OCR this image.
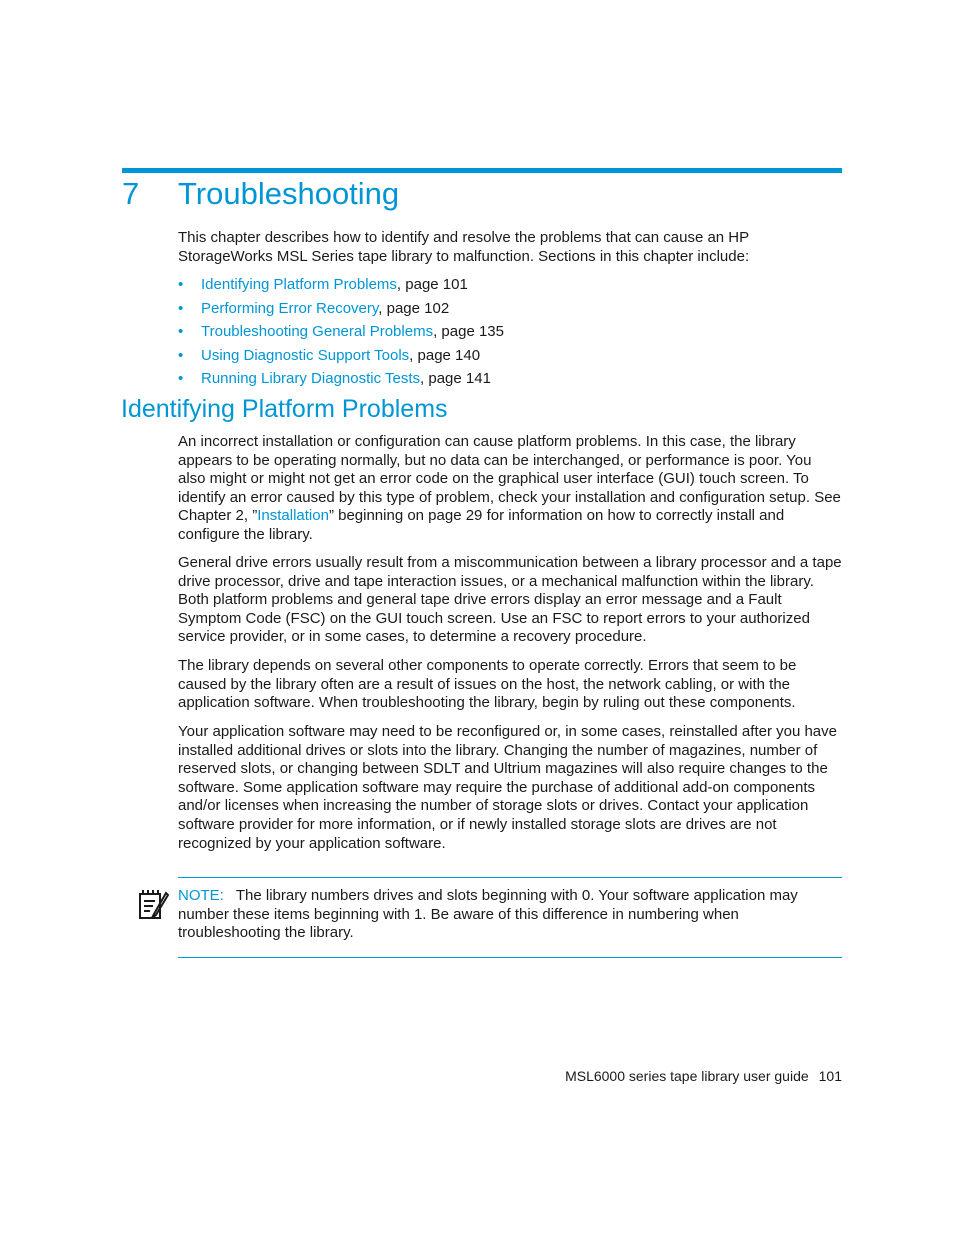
7 Troubleshooting

This chapter describes how to identify and resolve the problems that can cause an HP StorageWorks MSL Series tape library to malfunction. Sections in this chapter include:

• Identifying Platform Problems, page 101
• Performing Error Recovery, page 102
• Troubleshooting General Problems, page 135
• Using Diagnostic Support Tools, page 140
• Running Library Diagnostic Tests, page 141
Identifying Platform Problems

An incorrect installation or configuration can cause platform problems. In this case, the library appears to be operating normally, but no data can be interchanged, or performance is poor. You also might or might not get an error code on the graphical user interface (GUI) touch screen. To identify an error caused by this type of problem, check your installation and configuration setup. See Chapter 2, ”Installation” beginning on page 29 for information on how to correctly install and configure the library.

General drive errors usually result from a miscommunication between a library processor and a tape drive processor, drive and tape interaction issues, or a mechanical malfunction within the library. Both platform problems and general tape drive errors display an error message and a Fault Symptom Code (FSC) on the GUI touch screen. Use an FSC to report errors to your authorized service provider, or in some cases, to determine a recovery procedure.

The library depends on several other components to operate correctly. Errors that seem to be caused by the library often are a result of issues on the host, the network cabling, or with the application software. When troubleshooting the library, begin by ruling out these components.

Your application software may need to be reconfigured or, in some cases, reinstalled after you have installed additional drives or slots into the library. Changing the number of magazines, number of reserved slots, or changing between SDLT and Ultrium magazines will also require changes to the software. Some application software may require the purchase of additional add-on components and/or licenses when increasing the number of storage slots or drives. Contact your application software provider for more information, or if newly installed storage slots are drives are not recognized by your application software.

NOTE: The library numbers drives and slots beginning with 0. Your software application may number these items beginning with 1. Be aware of this difference in numbering when troubleshooting the library.
MSL6000 series tape library user guide 101
